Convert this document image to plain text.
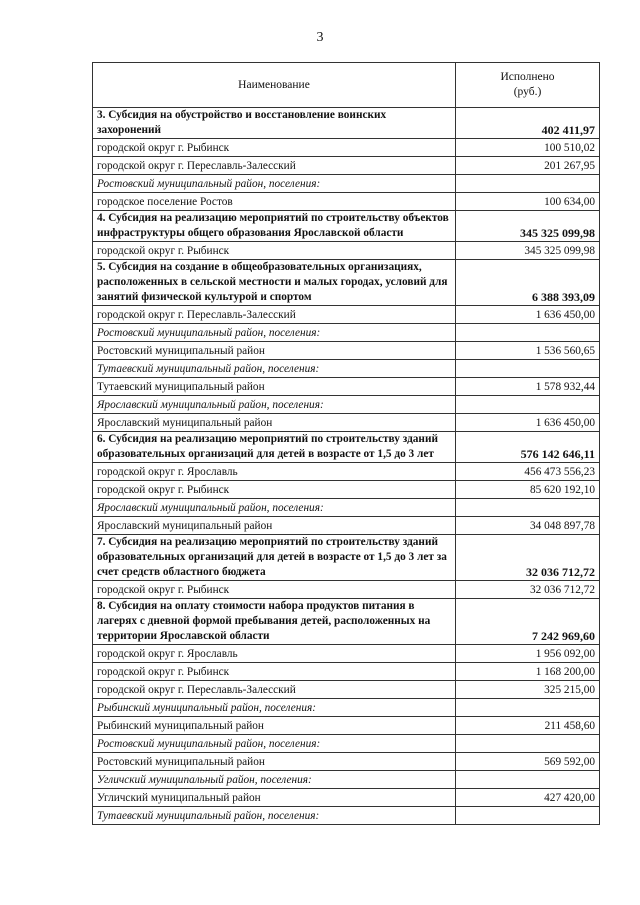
3
Наименование	Исполнено (руб.)
3. Субсидия на обустройство и восстановление воинских захоронений	402 411,97
городской округ г. Рыбинск	100 510,02
городской округ г. Переславль-Залесский	201 267,95
Ростовский муниципальный район, поселения:	
городское поселение Ростов	100 634,00
4. Субсидия на реализацию мероприятий по строительству объектов инфраструктуры общего образования Ярославской области	345 325 099,98
городской округ г. Рыбинск	345 325 099,98
5. Субсидия на создание в общеобразовательных организациях, расположенных в сельской местности и малых городах, условий для занятий физической культурой и спортом	6 388 393,09
городской округ г. Переславль-Залесский	1 636 450,00
Ростовский муниципальный район, поселения:	
Ростовский муниципальный район	1 536 560,65
Тутаевский муниципальный район, поселения:	
Тутаевский муниципальный район	1 578 932,44
Ярославский муниципальный район, поселения:	
Ярославский муниципальный район	1 636 450,00
6. Субсидия на реализацию мероприятий по строительству зданий образовательных организаций для детей в возрасте от 1,5 до 3 лет	576 142 646,11
городской округ г. Ярославль	456 473 556,23
городской округ г. Рыбинск	85 620 192,10
Ярославский муниципальный район, поселения:	
Ярославский муниципальный район	34 048 897,78
7. Субсидия на реализацию мероприятий по строительству зданий образовательных организаций для детей в возрасте от 1,5 до 3 лет за счет средств областного бюджета	32 036 712,72
городской округ г. Рыбинск	32 036 712,72
8. Субсидия на оплату стоимости набора продуктов питания в лагерях с дневной формой пребывания детей, расположенных на территории Ярославской области	7 242 969,60
городской округ г. Ярославль	1 956 092,00
городской округ г. Рыбинск	1 168 200,00
городской округ г. Переславль-Залесский	325 215,00
Рыбинский муниципальный район, поселения:	
Рыбинский муниципальный район	211 458,60
Ростовский муниципальный район, поселения:	
Ростовский муниципальный район	569 592,00
Угличский муниципальный район, поселения:	
Угличский муниципальный район	427 420,00
Тутаевский муниципальный район, поселения:	
